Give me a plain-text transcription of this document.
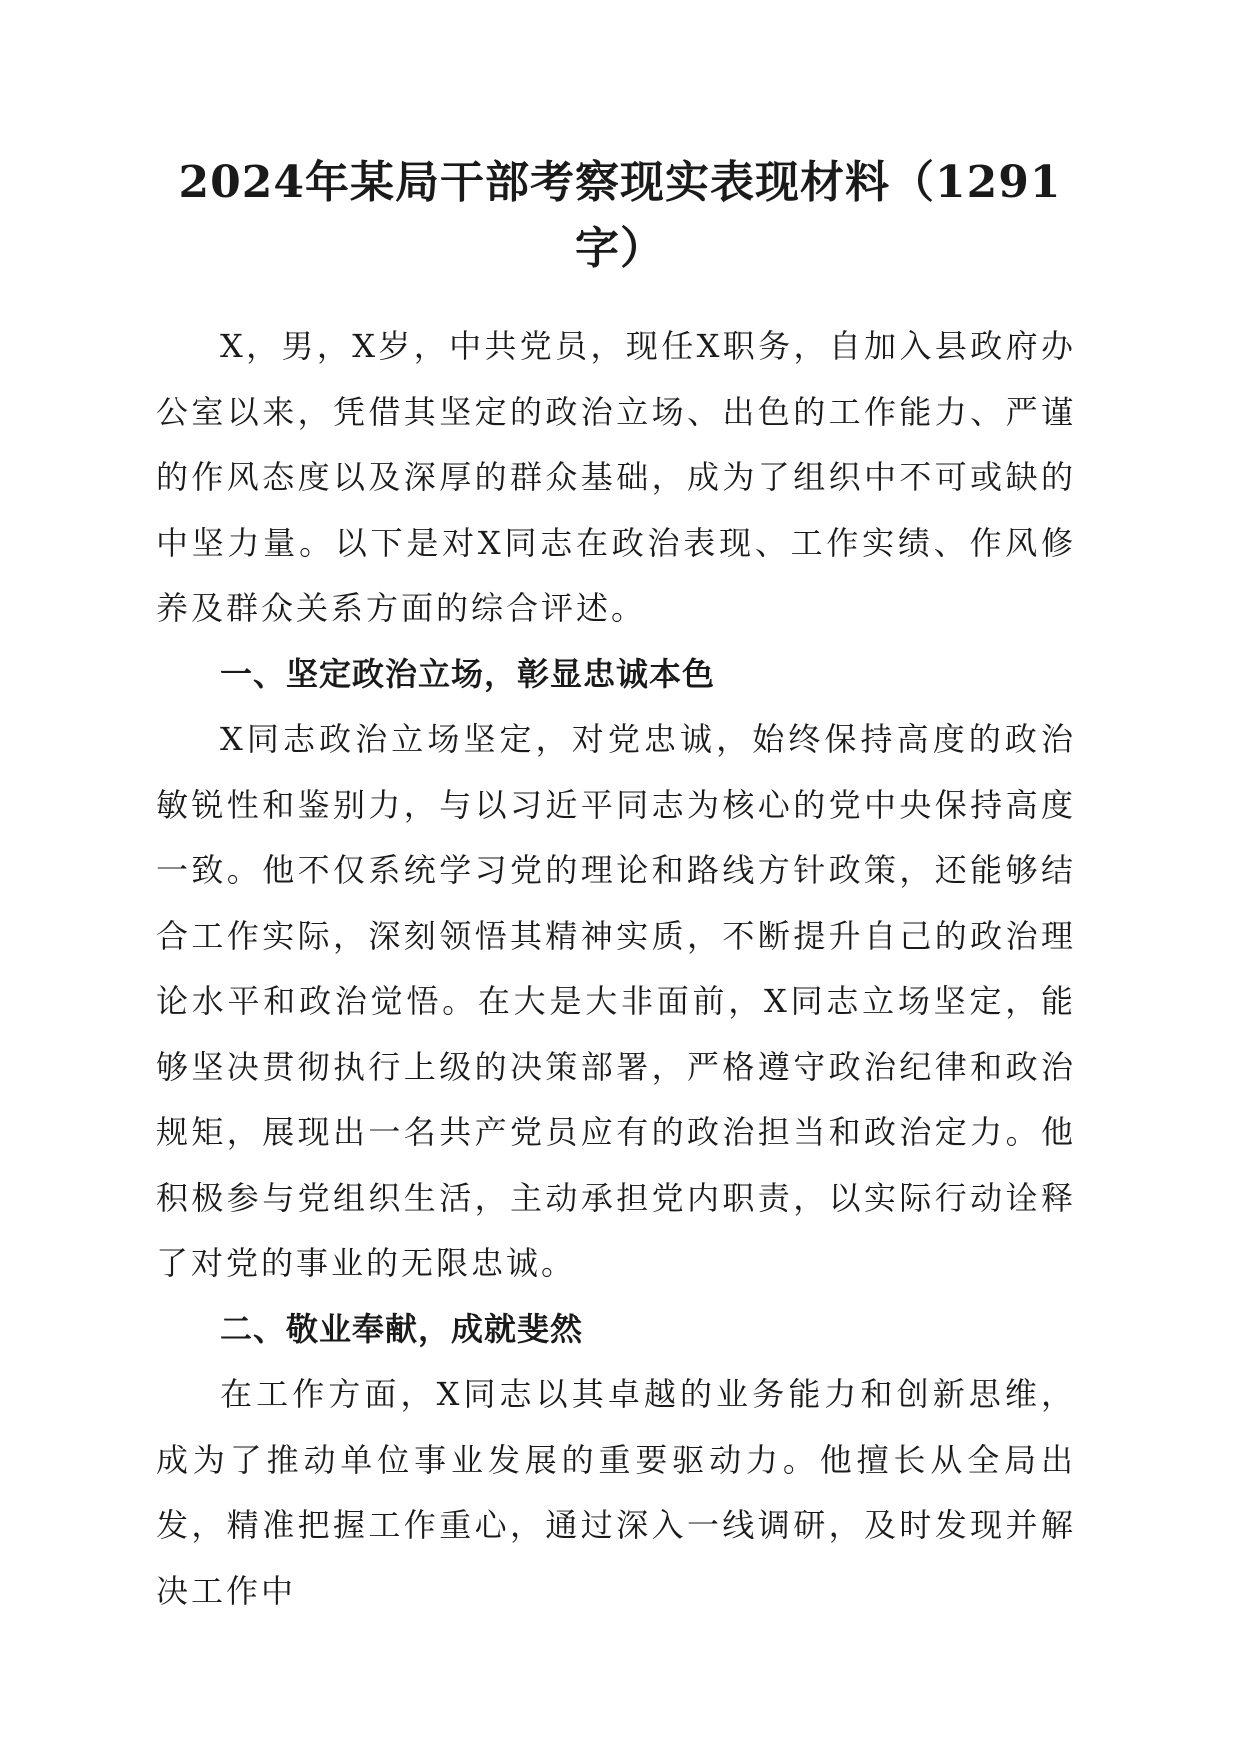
2024年某局干部考察现实表现材料（1291字）

X，男，X岁，中共党员，现任X职务，自加入县政府办公室以来，凭借其坚定的政治立场、出色的工作能力、严谨的作风态度以及深厚的群众基础，成为了组织中不可或缺的中坚力量。以下是对X同志在政治表现、工作实绩、作风修养及群众关系方面的综合评述。

一、坚定政治立场，彰显忠诚本色

X同志政治立场坚定，对党忠诚，始终保持高度的政治敏锐性和鉴别力，与以习近平同志为核心的党中央保持高度一致。他不仅系统学习党的理论和路线方针政策，还能够结合工作实际，深刻领悟其精神实质，不断提升自己的政治理论水平和政治觉悟。在大是大非面前，X同志立场坚定，能够坚决贯彻执行上级的决策部署，严格遵守政治纪律和政治规矩，展现出一名共产党员应有的政治担当和政治定力。他积极参与党组织生活，主动承担党内职责，以实际行动诠释了对党的事业的无限忠诚。

二、敬业奉献，成就斐然

在工作方面，X同志以其卓越的业务能力和创新思维，成为了推动单位事业发展的重要驱动力。他擅长从全局出发，精准把握工作重心，通过深入一线调研，及时发现并解决工作中
